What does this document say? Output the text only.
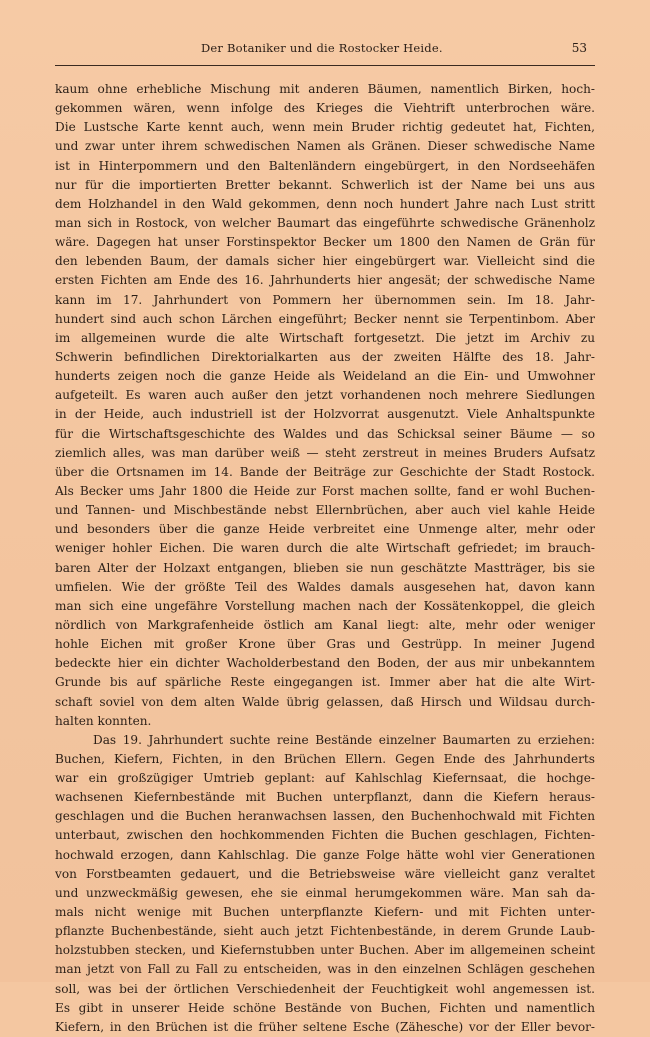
Der Botaniker und die Rostocker Heide.	53
kaum ohne erhebliche Mischung mit anderen Bäumen, namentlich Birken, hoch-
gekommen wären, wenn infolge des Krieges die Viehtrift unterbrochen wäre.
Die Lustsche Karte kennt auch, wenn mein Bruder richtig gedeutet hat, Fichten,
und zwar unter ihrem schwedischen Namen als Gränen. Dieser schwedische Name
ist in Hinterpommern und den Baltenländern eingebürgert, in den Nordseehäfen
nur für die importierten Bretter bekannt. Schwerlich ist der Name bei uns aus
dem Holzhandel in den Wald gekommen, denn noch hundert Jahre nach Lust stritt
man sich in Rostock, von welcher Baumart das eingeführte schwedische Gränenholz
wäre. Dagegen hat unser Forstinspektor Becker um 1800 den Namen de Grän für
den lebenden Baum, der damals sicher hier eingebürgert war. Vielleicht sind die
ersten Fichten am Ende des 16. Jahrhunderts hier angesät; der schwedische Name
kann im 17. Jahrhundert von Pommern her übernommen sein. Im 18. Jahr-
hundert sind auch schon Lärchen eingeführt; Becker nennt sie Terpentinbom. Aber
im allgemeinen wurde die alte Wirtschaft fortgesetzt. Die jetzt im Archiv zu
Schwerin befindlichen Direktorialkarten aus der zweiten Hälfte des 18. Jahr-
hunderts zeigen noch die ganze Heide als Weideland an die Ein- und Umwohner
aufgeteilt. Es waren auch außer den jetzt vorhandenen noch mehrere Siedlungen
in der Heide, auch industriell ist der Holzvorrat ausgenutzt. Viele Anhaltspunkte
für die Wirtschaftsgeschichte des Waldes und das Schicksal seiner Bäume — so
ziemlich alles, was man darüber weiß — steht zerstreut in meines Bruders Aufsatz
über die Ortsnamen im 14. Bande der Beiträge zur Geschichte der Stadt Rostock.
Als Becker ums Jahr 1800 die Heide zur Forst machen sollte, fand er wohl Buchen-
und Tannen- und Mischbestände nebst Ellernbrüchen, aber auch viel kahle Heide
und besonders über die ganze Heide verbreitet eine Unmenge alter, mehr oder
weniger hohler Eichen. Die waren durch die alte Wirtschaft gefriedet; im brauch-
baren Alter der Holzaxt entgangen, blieben sie nun geschätzte Mastträger, bis sie
umfielen. Wie der größte Teil des Waldes damals ausgesehen hat, davon kann
man sich eine ungefähre Vorstellung machen nach der Kossätenkoppel, die gleich
nördlich von Markgrafenheide östlich am Kanal liegt: alte, mehr oder weniger
hohle Eichen mit großer Krone über Gras und Gestrüpp. In meiner Jugend
bedeckte hier ein dichter Wacholderbestand den Boden, der aus mir unbekanntem
Grunde bis auf spärliche Reste eingegangen ist. Immer aber hat die alte Wirt-
schaft soviel von dem alten Walde übrig gelassen, daß Hirsch und Wildsau durch-
halten konnten.
Das 19. Jahrhundert suchte reine Bestände einzelner Baumarten zu erziehen:
Buchen, Kiefern, Fichten, in den Brüchen Ellern. Gegen Ende des Jahrhunderts
war ein großzügiger Umtrieb geplant: auf Kahlschlag Kiefernsaat, die hochge-
wachsenen Kiefernbestände mit Buchen unterpflanzt, dann die Kiefern heraus-
geschlagen und die Buchen heranwachsen lassen, den Buchenhochwald mit Fichten
unterbaut, zwischen den hochkommenden Fichten die Buchen geschlagen, Fichten-
hochwald erzogen, dann Kahlschlag. Die ganze Folge hätte wohl vier Generationen
von Forstbeamten gedauert, und die Betriebsweise wäre vielleicht ganz veraltet
und unzweckmäßig gewesen, ehe sie einmal herumgekommen wäre. Man sah da-
mals nicht wenige mit Buchen unterpflanzte Kiefern- und mit Fichten unter-
pflanzte Buchenbestände, sieht auch jetzt Fichtenbestände, in derem Grunde Laub-
holzstubben stecken, und Kiefernstubben unter Buchen. Aber im allgemeinen scheint
man jetzt von Fall zu Fall zu entscheiden, was in den einzelnen Schlägen geschehen
soll, was bei der örtlichen Verschiedenheit der Feuchtigkeit wohl angemessen ist.
Es gibt in unserer Heide schöne Bestände von Buchen, Fichten und namentlich
Kiefern, in den Brüchen ist die früher seltene Esche (Zäheschе) vor der Eller bevor-
